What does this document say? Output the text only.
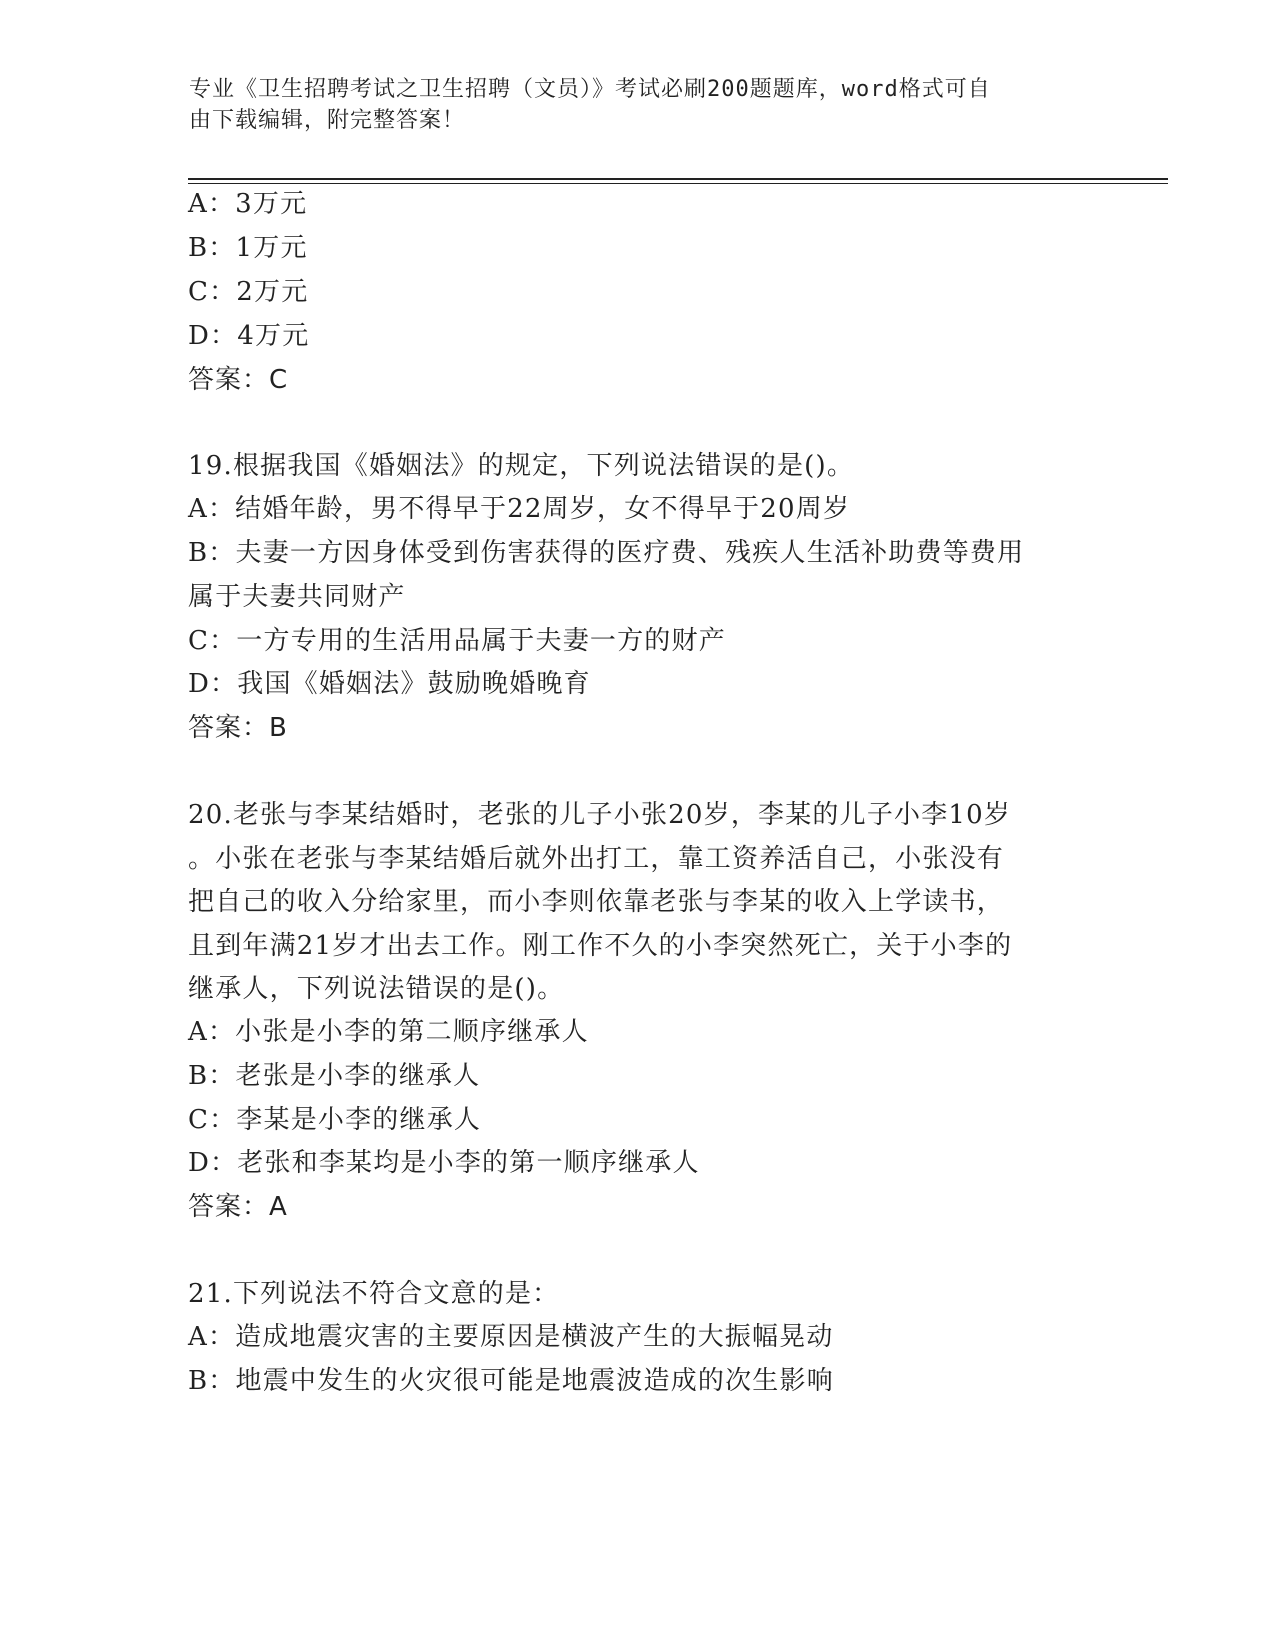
专业《卫生招聘考试之卫生招聘（文员）》考试必刷200题题库，word格式可自
由下载编辑，附完整答案！
A：3万元
B：1万元
C：2万元
D：4万元
答案：C
19.根据我国《婚姻法》的规定，下列说法错误的是()。
A：结婚年龄，男不得早于22周岁，女不得早于20周岁
B：夫妻一方因身体受到伤害获得的医疗费、残疾人生活补助费等费用
属于夫妻共同财产
C：一方专用的生活用品属于夫妻一方的财产
D：我国《婚姻法》鼓励晚婚晚育
答案：B
20.老张与李某结婚时，老张的儿子小张20岁，李某的儿子小李10岁
。小张在老张与李某结婚后就外出打工，靠工资养活自己，小张没有
把自己的收入分给家里，而小李则依靠老张与李某的收入上学读书，
且到年满21岁才出去工作。刚工作不久的小李突然死亡，关于小李的
继承人，下列说法错误的是()。
A：小张是小李的第二顺序继承人
B：老张是小李的继承人
C：李某是小李的继承人
D：老张和李某均是小李的第一顺序继承人
答案：A
21.下列说法不符合文意的是：
A：造成地震灾害的主要原因是横波产生的大振幅晃动
B：地震中发生的火灾很可能是地震波造成的次生影响
